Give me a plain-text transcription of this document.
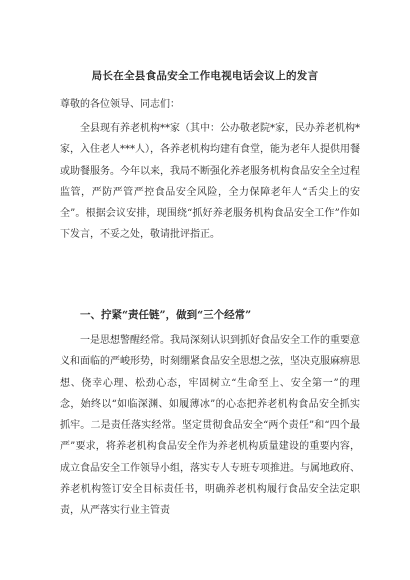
局长在全县食品安全工作电视电话会议上的发言
尊敬的各位领导、同志们：
全县现有养老机构**家（其中：公办敬老院*家，民办养老机构*家，入住老人***人），各养老机构均建有食堂，能为老年人提供用餐或助餐服务。今年以来，我局不断强化养老服务机构食品安全全过程监管，严防严管严控食品安全风险，全力保障老年人“舌尖上的安全”。根据会议安排，现围绕“抓好养老服务机构食品安全工作”作如下发言，不妥之处，敬请批评指正。
一、拧紧“责任链”，做到“三个经常”
一是思想警醒经常。我局深刻认识到抓好食品安全工作的重要意义和面临的严峻形势，时刻绷紧食品安全思想之弦，坚决克服麻痹思想、侥幸心理、松劲心态，牢固树立“生命至上、安全第一”的理念，始终以“如临深渊、如履薄冰”的心态把养老机构食品安全抓实抓牢。二是责任落实经常。坚定贯彻食品安全“两个责任”和“四个最严”要求，将养老机构食品安全作为养老机构质量建设的重要内容，成立食品安全工作领导小组，落实专人专班专项推进。与属地政府、养老机构签订安全目标责任书，明确养老机构履行食品安全法定职责，从严落实行业主管责
